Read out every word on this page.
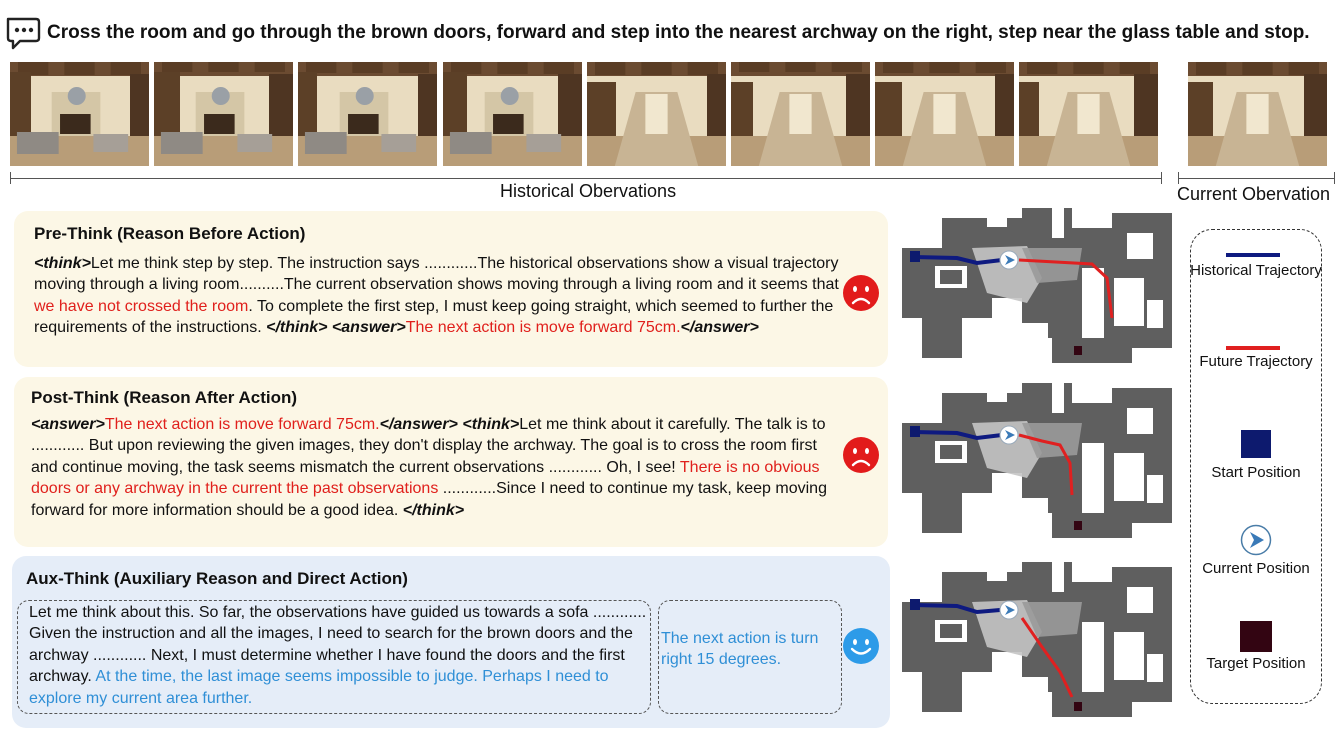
Cross the room and go through the brown doors, forward and step into the nearest archway on the right, step near the glass table and stop.
Historical Obervations	Current Obervation
Pre-Think (Reason Before Action)
<think>Let me think step by step. The instruction says ............The historical observations show a visual trajectory moving through a living room..........The current observation shows moving through a living room and it seems that we have not crossed the room. To complete the first step, I must keep going straight, which seemed to further the requirements of the instructions. </think> <answer>The next action is move forward 75cm.</answer>
Post-Think (Reason After Action)
<answer>The next action is move forward 75cm.</answer> <think>Let me think about it carefully. The talk is to ............ But upon reviewing the given images, they don't display the archway. The goal is to cross the room first and continue moving, the task seems mismatch the current observations ............ Oh, I see! There is no obvious doors or any archway in the current the past observations ............Since I need to continue my task, keep moving forward for more information should be a good idea. </think>
Aux-Think (Auxiliary Reason and Direct Action)
Let me think about this. So far, the observations have guided us towards a sofa ............ Given the instruction and all the images, I need to search for the brown doors and the archway ............ Next, I must determine whether I have found the doors and the first archway. At the time, the last image seems impossible to judge. Perhaps I need to explore my current area further.
The next action is turn right 15 degrees.
Historical Trajectory
Future Trajectory
Start Position
Current Position
Target Position
